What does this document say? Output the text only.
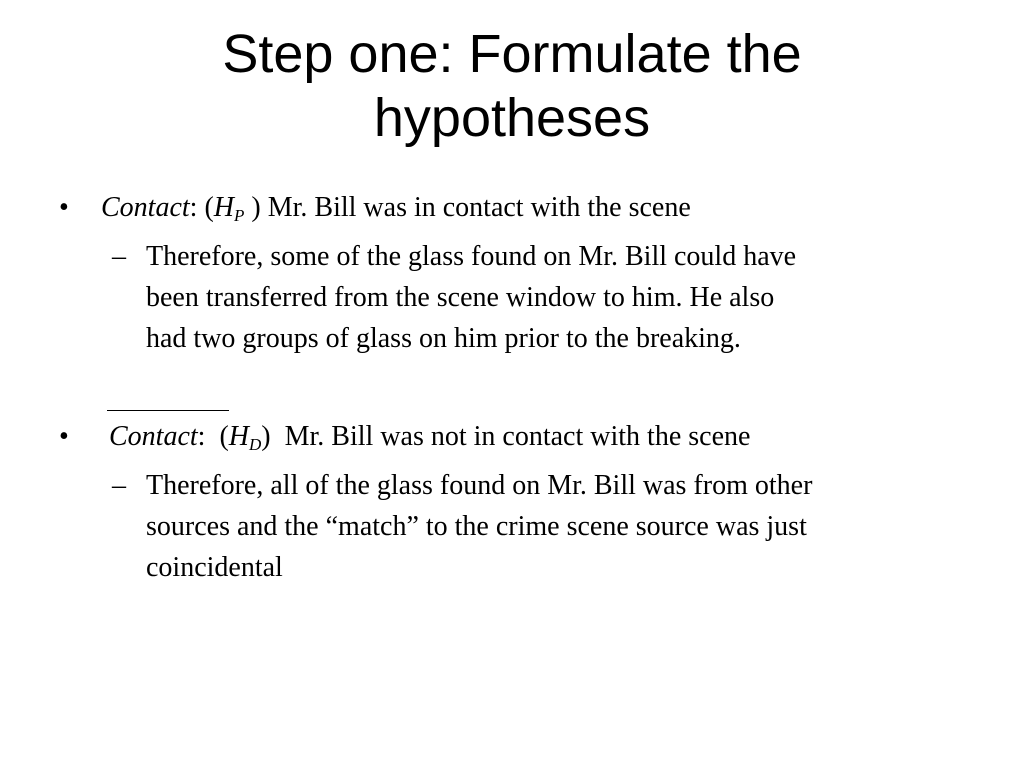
Step one: Formulate the
hypotheses
• Contact: ($H_P$ ) Mr. Bill was in contact with the scene
– Therefore, some of the glass found on Mr. Bill could have
been transferred from the scene window to him. He also
had two groups of glass on him prior to the breaking.
• Contact: $(H_D)$ Mr. Bill was not in contact with the scene
– Therefore, all of the glass found on Mr. Bill was from other
sources and the “match” to the crime scene source was just
coincidental
